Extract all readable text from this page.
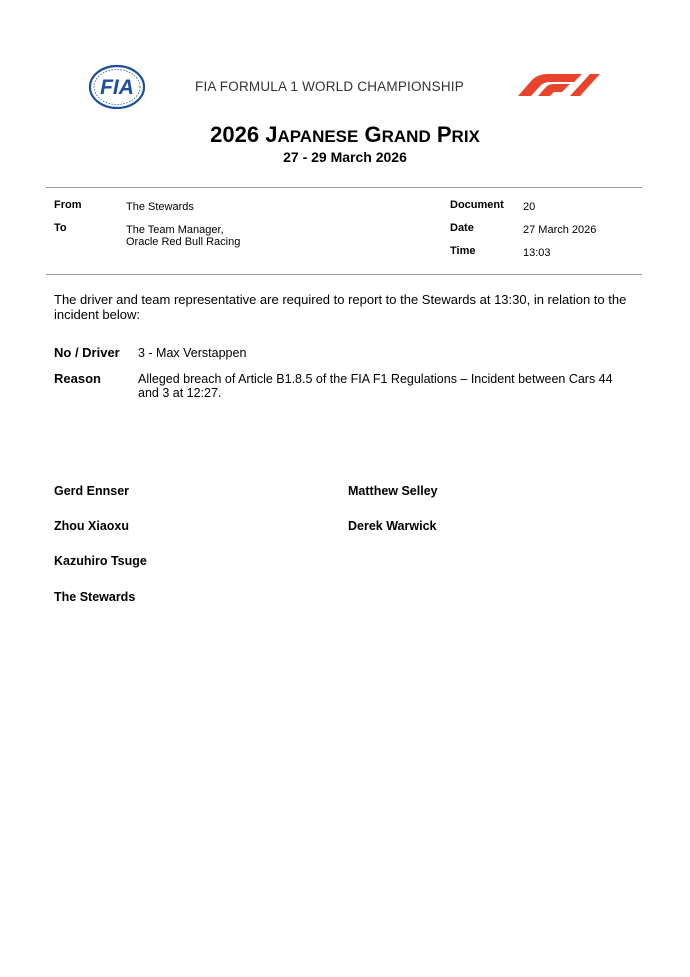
FIA	FIA FORMULA 1 WORLD CHAMPIONSHIP
2026 JAPANESE GRAND PRIX
27 - 29 March 2026
From	The Stewards
To	The Team Manager,
Oracle Red Bull Racing
Document 20
Date	27 March 2026
Time	13:03
The driver and team representative are required to report to the Stewards at 13:30, in relation to the incident below:
No / Driver 3 - Max Verstappen
Reason	Alleged breach of Article B1.8.5 of the FIA F1 Regulations – Incident between Cars 44 and 3 at 12:27.
Gerd Ennser	Matthew Selley
Zhou Xiaoxu	Derek Warwick
Kazuhiro Tsuge
The Stewards
